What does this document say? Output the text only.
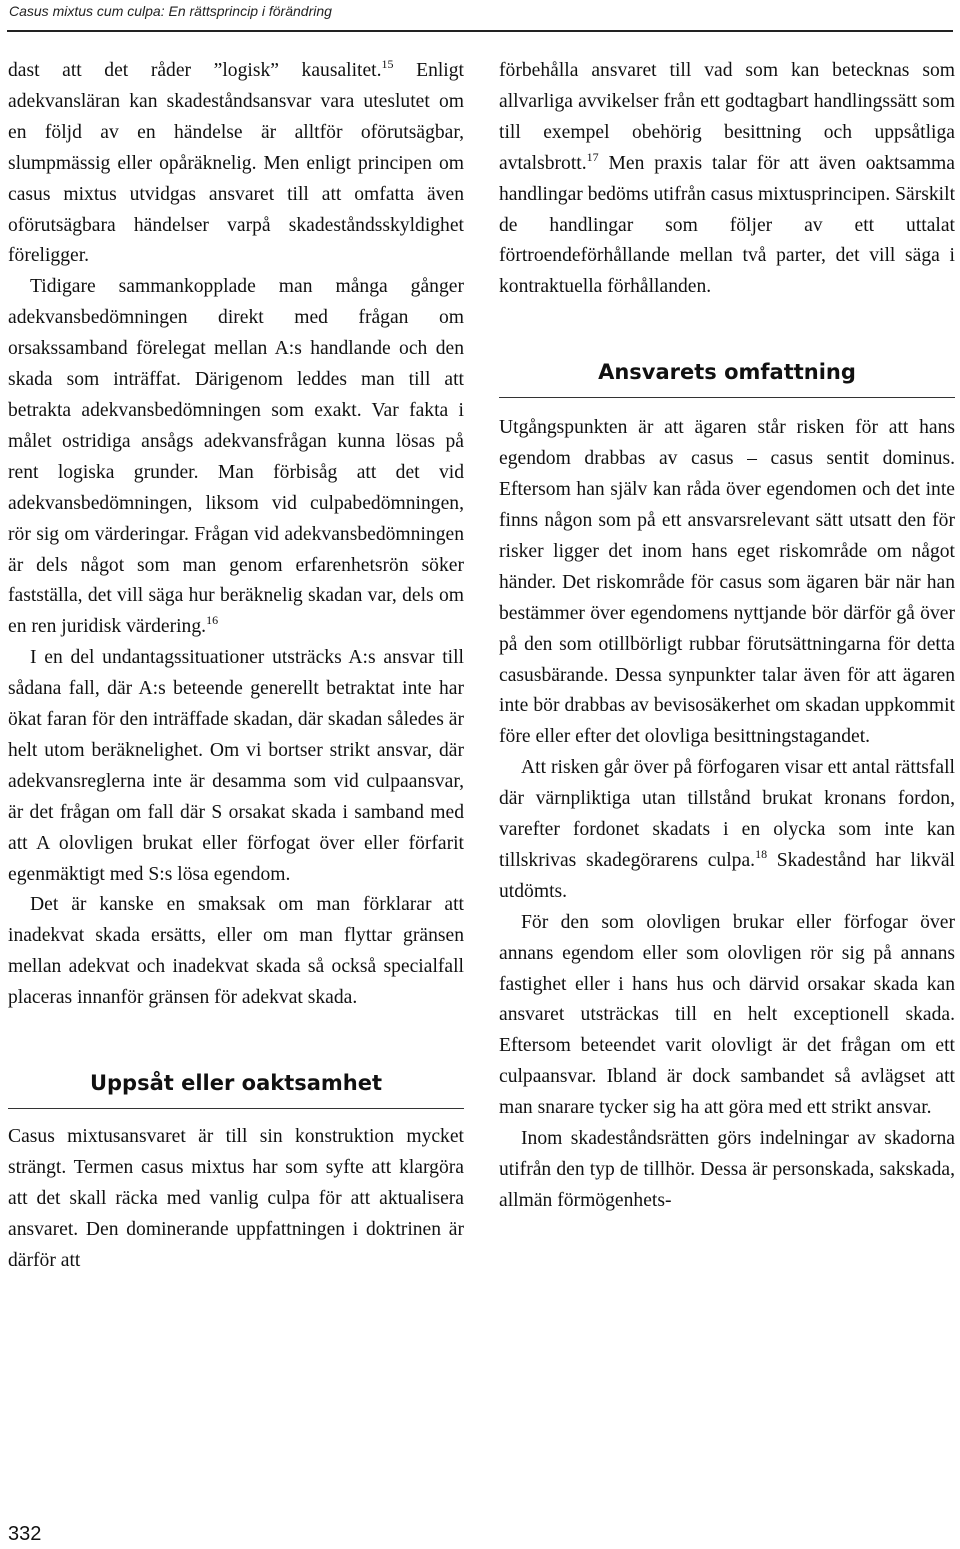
Casus mixtus cum culpa: En rättsprincip i förändring

dast att det råder ”logisk” kausalitet.$^{15}$ Enligt adekvansläran kan skadeståndsansvar vara uteslutet om en följd av en händelse är alltför oförutsägbar, slumpmässig eller opåräknelig. Men enligt principen om casus mixtus utvidgas ansvaret till att omfatta även oförutsägbara händelser varpå skadeståndsskyldighet föreligger.

Tidigare sammankopplade man många gånger adekvansbedömningen direkt med frågan om orsakssamband förelegat mellan A:s handlande och den skada som inträffat. Därigenom leddes man till att betrakta adekvansbedömningen som exakt. Var fakta i målet ostridiga ansågs adekvansfrågan kunna lösas på rent logiska grunder. Man förbisåg att det vid adekvansbedömningen, liksom vid culpabedömningen, rör sig om värderingar. Frågan vid adekvansbedömningen är dels något som man genom erfarenhetsrön söker fastställa, det vill säga hur beräknelig skadan var, dels om en ren juridisk värdering.$^{16}$

I en del undantagssituationer utsträcks A:s ansvar till sådana fall, där A:s beteende generellt betraktat inte har ökat faran för den inträffade skadan, där skadan således är helt utom beräknelighet. Om vi bortser strikt ansvar, där adekvansreglerna inte är desamma som vid culpaansvar, är det frågan om fall där S orsakat skada i samband med att A olovligen brukat eller förfogat över eller förfarit egenmäktigt med S:s lösa egendom.

Det är kanske en smaksak om man förklarar att inadekvat skada ersätts, eller om man flyttar gränsen mellan adekvat och inadekvat skada så också specialfall placeras innanför gränsen för adekvat skada.

Uppsåt eller oaktsamhet

Casus mixtusansvaret är till sin konstruktion mycket strängt. Termen casus mixtus har som syfte att klargöra att det skall räcka med vanlig culpa för att aktualisera ansvaret. Den dominerande uppfattningen i doktrinen är därför att

förbehålla ansvaret till vad som kan betecknas som allvarliga avvikelser från ett godtagbart handlingssätt som till exempel obehörig besittning och uppsåtliga avtalsbrott.$^{17}$ Men praxis talar för att även oaktsamma handlingar bedöms utifrån casus mixtusprincipen. Särskilt de handlingar som följer av ett uttalat förtroendeförhållande mellan två parter, det vill säga i kontraktuella förhållanden.

Ansvarets omfattning

Utgångspunkten är att ägaren står risken för att hans egendom drabbas av casus – casus sentit dominus. Eftersom han själv kan råda över egendomen och det inte finns någon som på ett ansvarsrelevant sätt utsatt den för risker ligger det inom hans eget riskområde om något händer. Det riskområde för casus som ägaren bär när han bestämmer över egendomens nyttjande bör därför gå över på den som otillbörligt rubbar förutsättningarna för detta casusbärande. Dessa synpunkter talar även för att ägaren inte bör drabbas av bevisosäkerhet om skadan uppkommit före eller efter det olovliga besittningstagandet.

Att risken går över på förfogaren visar ett antal rättsfall där värnpliktiga utan tillstånd brukat kronans fordon, varefter fordonet skadats i en olycka som inte kan tillskrivas skadegörarens culpa.$^{18}$ Skadestånd har likväl utdömts.

För den som olovligen brukar eller förfogar över annans egendom eller som olovligen rör sig på annans fastighet eller i hans hus och därvid orsakar skada kan ansvaret utsträckas till en helt exceptionell skada. Eftersom beteendet varit olovligt är det frågan om ett culpaansvar. Ibland är dock sambandet så avlägset att man snarare tycker sig ha att göra med ett strikt ansvar.

Inom skadeståndsrätten görs indelningar av skadorna utifrån den typ de tillhör. Dessa är personskada, sakskada, allmän förmögenhets-

332
